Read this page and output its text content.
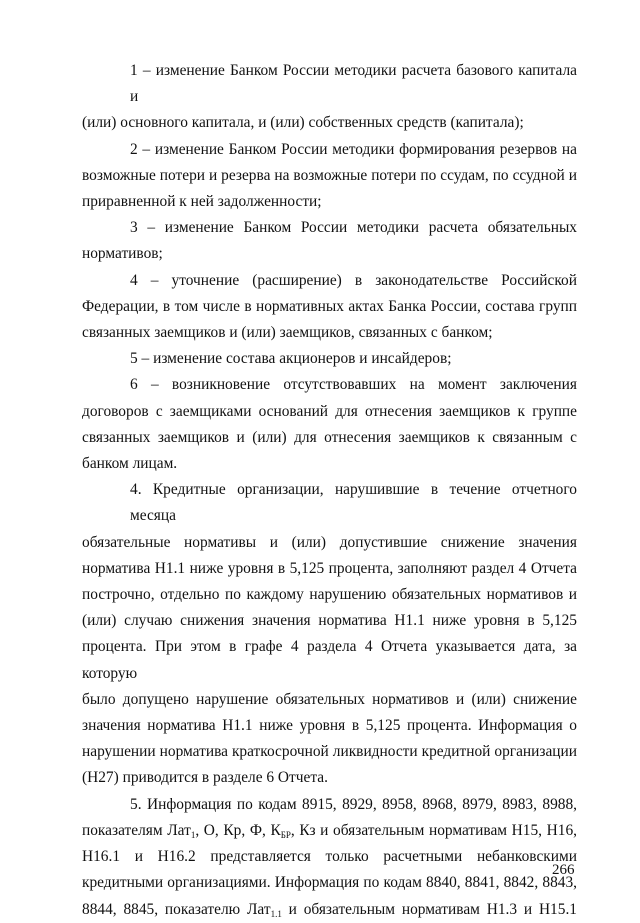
1 – изменение Банком России методики расчета базового капитала и
(или) основного капитала, и (или) собственных средств (капитала);

2 – изменение Банком России методики формирования резервов на
возможные потери и резерва на возможные потери по ссудам, по ссудной и
приравненной к ней задолженности;

3 – изменение Банком России методики расчета обязательных
нормативов;

4 – уточнение (расширение) в законодательстве Российской
Федерации, в том числе в нормативных актах Банка России, состава групп
связанных заемщиков и (или) заемщиков, связанных с банком;

5 – изменение состава акционеров и инсайдеров;

6 – возникновение отсутствовавших на момент заключения
договоров с заемщиками оснований для отнесения заемщиков к группе
связанных заемщиков и (или) для отнесения заемщиков к связанным с
банком лицам.

4. Кредитные организации, нарушившие в течение отчетного месяца
обязательные нормативы и (или) допустившие снижение значения
норматива Н1.1 ниже уровня в 5,125 процента, заполняют раздел 4 Отчета
построчно, отдельно по каждому нарушению обязательных нормативов и
(или) случаю снижения значения норматива Н1.1 ниже уровня в 5,125
процента. При этом в графе 4 раздела 4 Отчета указывается дата, за которую
было допущено нарушение обязательных нормативов и (или) снижение
значения норматива Н1.1 ниже уровня в 5,125 процента. Информация о
нарушении норматива краткосрочной ликвидности кредитной организации
(Н27) приводится в разделе 6 Отчета.

5. Информация по кодам 8915, 8929, 8958, 8968, 8979, 8983, 8988,
показателям Лат$_1$, О, Кр, Ф, $К_{БР}$, Кз и обязательным нормативам Н15, Н16,
Н16.1 и Н16.2 представляется только расчетными небанковскими
кредитными организациями. Информация по кодам 8840, 8841, 8842, 8843,
8844, 8845, показателю Лат$_{1.1}$ и обязательным нормативам Н1.3 и Н15.1

266
